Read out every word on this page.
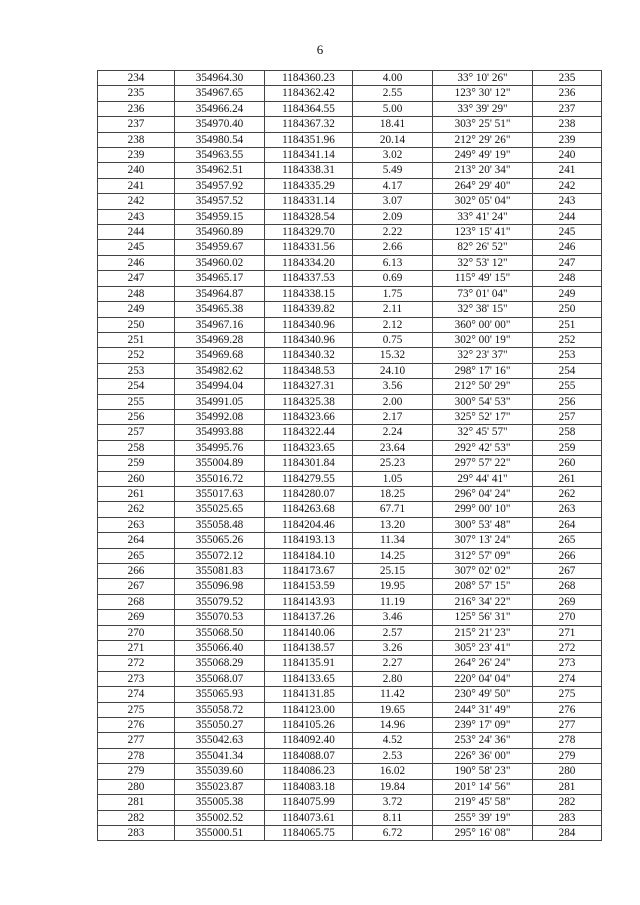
6
234	354964.30	1184360.23	4.00	33° 10' 26"	235
235	354967.65	1184362.42	2.55	123° 30' 12"	236
236	354966.24	1184364.55	5.00	33° 39' 29"	237
237	354970.40	1184367.32	18.41	303° 25' 51"	238
238	354980.54	1184351.96	20.14	212° 29' 26"	239
239	354963.55	1184341.14	3.02	249° 49' 19"	240
240	354962.51	1184338.31	5.49	213° 20' 34"	241
241	354957.92	1184335.29	4.17	264° 29' 40"	242
242	354957.52	1184331.14	3.07	302° 05' 04"	243
243	354959.15	1184328.54	2.09	33° 41' 24"	244
244	354960.89	1184329.70	2.22	123° 15' 41"	245
245	354959.67	1184331.56	2.66	82° 26' 52"	246
246	354960.02	1184334.20	6.13	32° 53' 12"	247
247	354965.17	1184337.53	0.69	115° 49' 15"	248
248	354964.87	1184338.15	1.75	73° 01' 04"	249
249	354965.38	1184339.82	2.11	32° 38' 15"	250
250	354967.16	1184340.96	2.12	360° 00' 00"	251
251	354969.28	1184340.96	0.75	302° 00' 19"	252
252	354969.68	1184340.32	15.32	32° 23' 37"	253
253	354982.62	1184348.53	24.10	298° 17' 16"	254
254	354994.04	1184327.31	3.56	212° 50' 29"	255
255	354991.05	1184325.38	2.00	300° 54' 53"	256
256	354992.08	1184323.66	2.17	325° 52' 17"	257
257	354993.88	1184322.44	2.24	32° 45' 57"	258
258	354995.76	1184323.65	23.64	292° 42' 53"	259
259	355004.89	1184301.84	25.23	297° 57' 22"	260
260	355016.72	1184279.55	1.05	29° 44' 41"	261
261	355017.63	1184280.07	18.25	296° 04' 24"	262
262	355025.65	1184263.68	67.71	299° 00' 10"	263
263	355058.48	1184204.46	13.20	300° 53' 48"	264
264	355065.26	1184193.13	11.34	307° 13' 24"	265
265	355072.12	1184184.10	14.25	312° 57' 09"	266
266	355081.83	1184173.67	25.15	307° 02' 02"	267
267	355096.98	1184153.59	19.95	208° 57' 15"	268
268	355079.52	1184143.93	11.19	216° 34' 22"	269
269	355070.53	1184137.26	3.46	125° 56' 31"	270
270	355068.50	1184140.06	2.57	215° 21' 23"	271
271	355066.40	1184138.57	3.26	305° 23' 41"	272
272	355068.29	1184135.91	2.27	264° 26' 24"	273
273	355068.07	1184133.65	2.80	220° 04' 04"	274
274	355065.93	1184131.85	11.42	230° 49' 50"	275
275	355058.72	1184123.00	19.65	244° 31' 49"	276
276	355050.27	1184105.26	14.96	239° 17' 09"	277
277	355042.63	1184092.40	4.52	253° 24' 36"	278
278	355041.34	1184088.07	2.53	226° 36' 00"	279
279	355039.60	1184086.23	16.02	190° 58' 23"	280
280	355023.87	1184083.18	19.84	201° 14' 56"	281
281	355005.38	1184075.99	3.72	219° 45' 58"	282
282	355002.52	1184073.61	8.11	255° 39' 19"	283
283	355000.51	1184065.75	6.72	295° 16' 08"	284
